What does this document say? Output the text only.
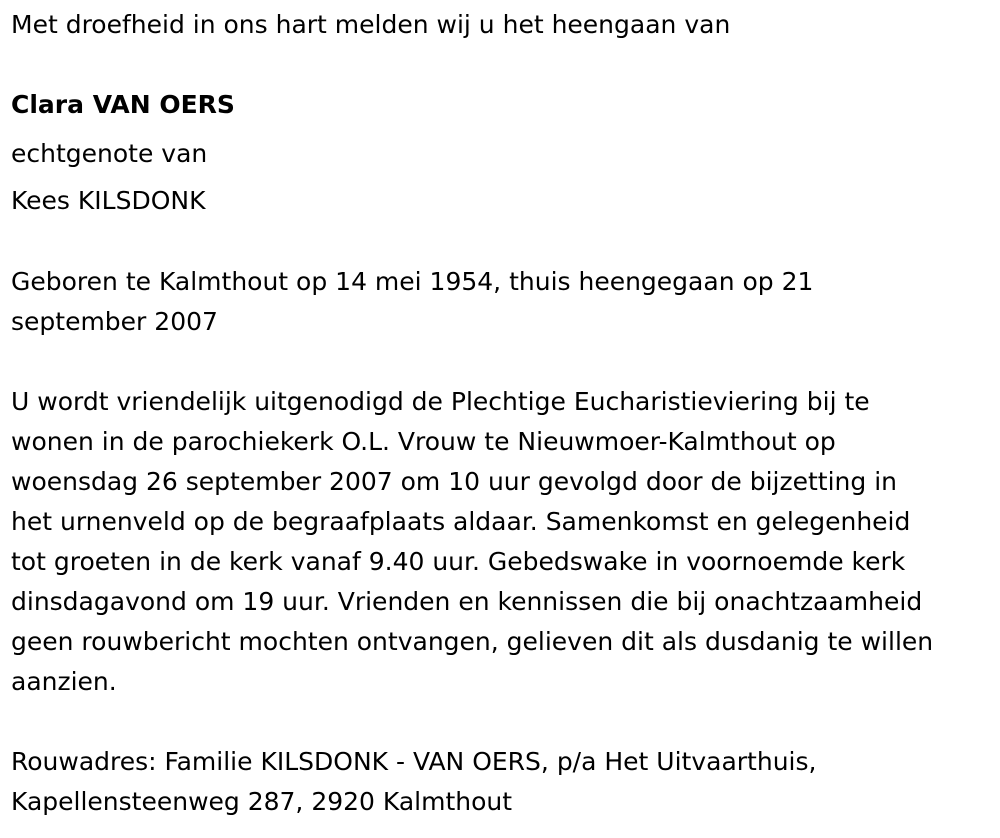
Met droefheid in ons hart melden wij u het heengaan van

Clara VAN OERS

echtgenote van

Kees KILSDONK

Geboren te Kalmthout op 14 mei 1954, thuis heengegaan op 21
september 2007

U wordt vriendelijk uitgenodigd de Plechtige Eucharistieviering bij te
wonen in de parochiekerk O.L. Vrouw te Nieuwmoer-Kalmthout op
woensdag 26 september 2007 om 10 uur gevolgd door de bijzetting in
het urnenveld op de begraafplaats aldaar. Samenkomst en gelegenheid
tot groeten in de kerk vanaf 9.40 uur. Gebedswake in voornoemde kerk
dinsdagavond om 19 uur. Vrienden en kennissen die bij onachtzaamheid
geen rouwbericht mochten ontvangen, gelieven dit als dusdanig te willen
aanzien.

Rouwadres: Familie KILSDONK - VAN OERS, p/a Het Uitvaarthuis,
Kapellensteenweg 287, 2920 Kalmthout
